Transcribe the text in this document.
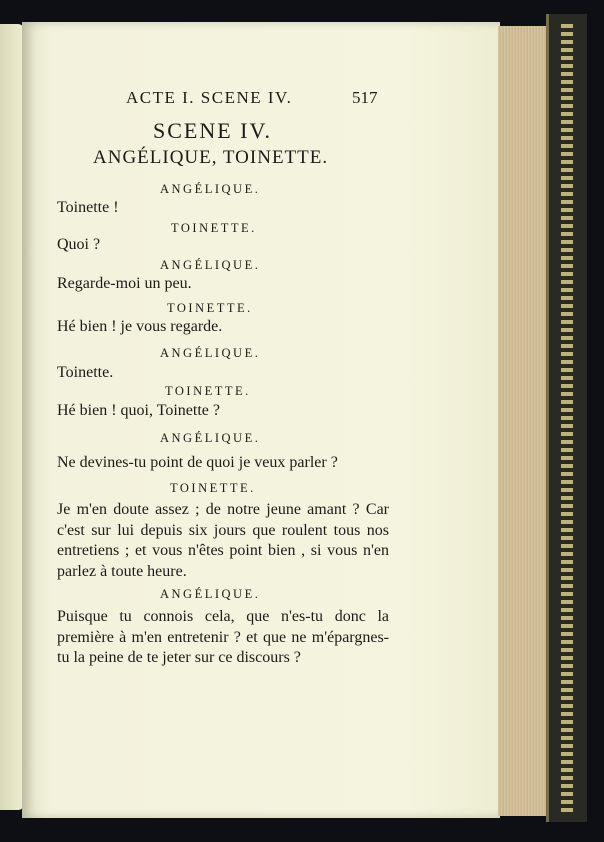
ACTE I. SCENE IV.	517
SCENE IV.
ANGÉLIQUE, TOINETTE.
ANGÉLIQUE.
Toinette !
TOINETTE.
Quoi ?
ANGÉLIQUE.
Regarde-moi un peu.
TOINETTE.
Hé bien ! je vous regarde.
ANGÉLIQUE.
Toinette.
TOINETTE.
Hé bien ! quoi, Toinette ?
ANGÉLIQUE.
Ne devines-tu point de quoi je veux parler ?
TOINETTE.
Je m'en doute assez ; de notre jeune amant ? Car c'est sur lui depuis six jours que roulent tous nos entretiens ; et vous n'êtes point bien , si vous n'en parlez à toute heure.
ANGÉLIQUE.
Puisque tu connois cela, que n'es-tu donc la première à m'en entretenir ? et que ne m'épargnes-tu la peine de te jeter sur ce discours ?
